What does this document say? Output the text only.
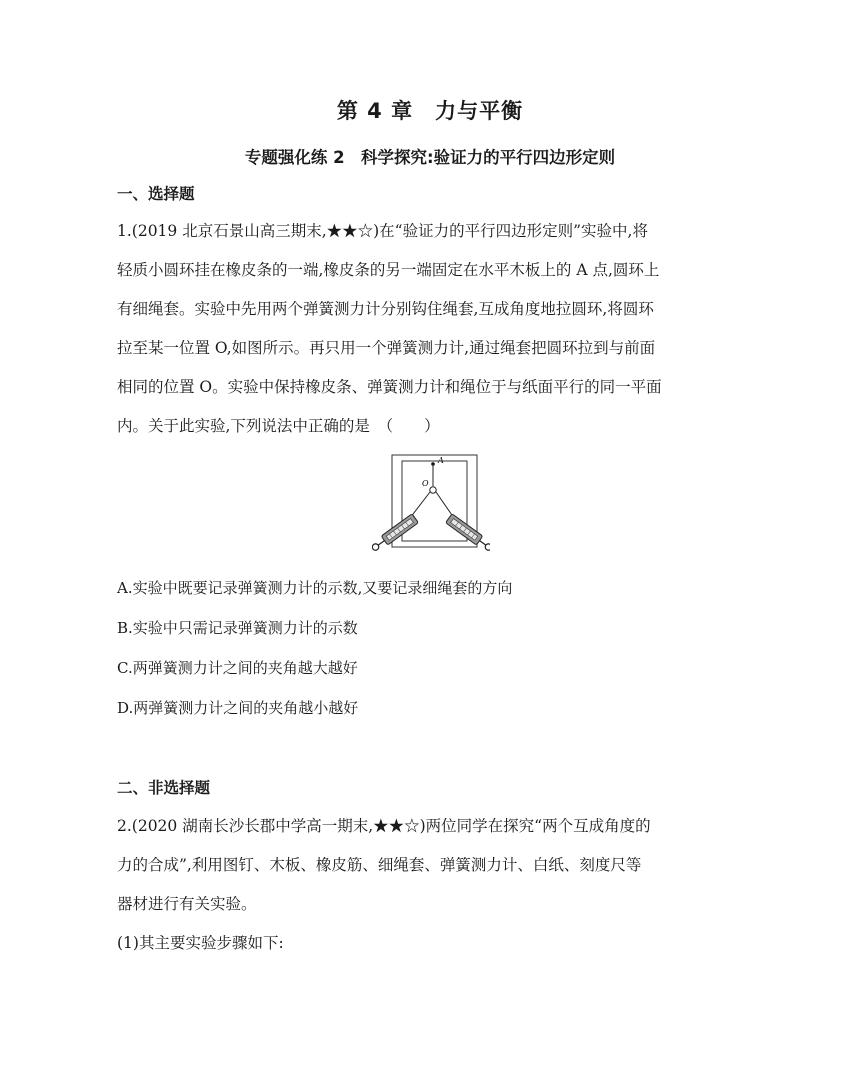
第 4 章　力与平衡
专题强化练 2　科学探究:验证力的平行四边形定则
一、选择题
1.(2019 北京石景山高三期末,★★☆)在“验证力的平行四边形定则”实验中,将
轻质小圆环挂在橡皮条的一端,橡皮条的另一端固定在水平木板上的 A 点,圆环上
有细绳套。实验中先用两个弹簧测力计分别钩住绳套,互成角度地拉圆环,将圆环
拉至某一位置 O,如图所示。再只用一个弹簧测力计,通过绳套把圆环拉到与前面
相同的位置 O。实验中保持橡皮条、弹簧测力计和绳位于与纸面平行的同一平面
内。关于此实验,下列说法中正确的是　（　　）
A
O
A.实验中既要记录弹簧测力计的示数,又要记录细绳套的方向
B.实验中只需记录弹簧测力计的示数
C.两弹簧测力计之间的夹角越大越好
D.两弹簧测力计之间的夹角越小越好
二、非选择题
2.(2020 湖南长沙长郡中学高一期末,★★☆)两位同学在探究“两个互成角度的
力的合成”,利用图钉、木板、橡皮筋、细绳套、弹簧测力计、白纸、刻度尺等
器材进行有关实验。
(1)其主要实验步骤如下:
